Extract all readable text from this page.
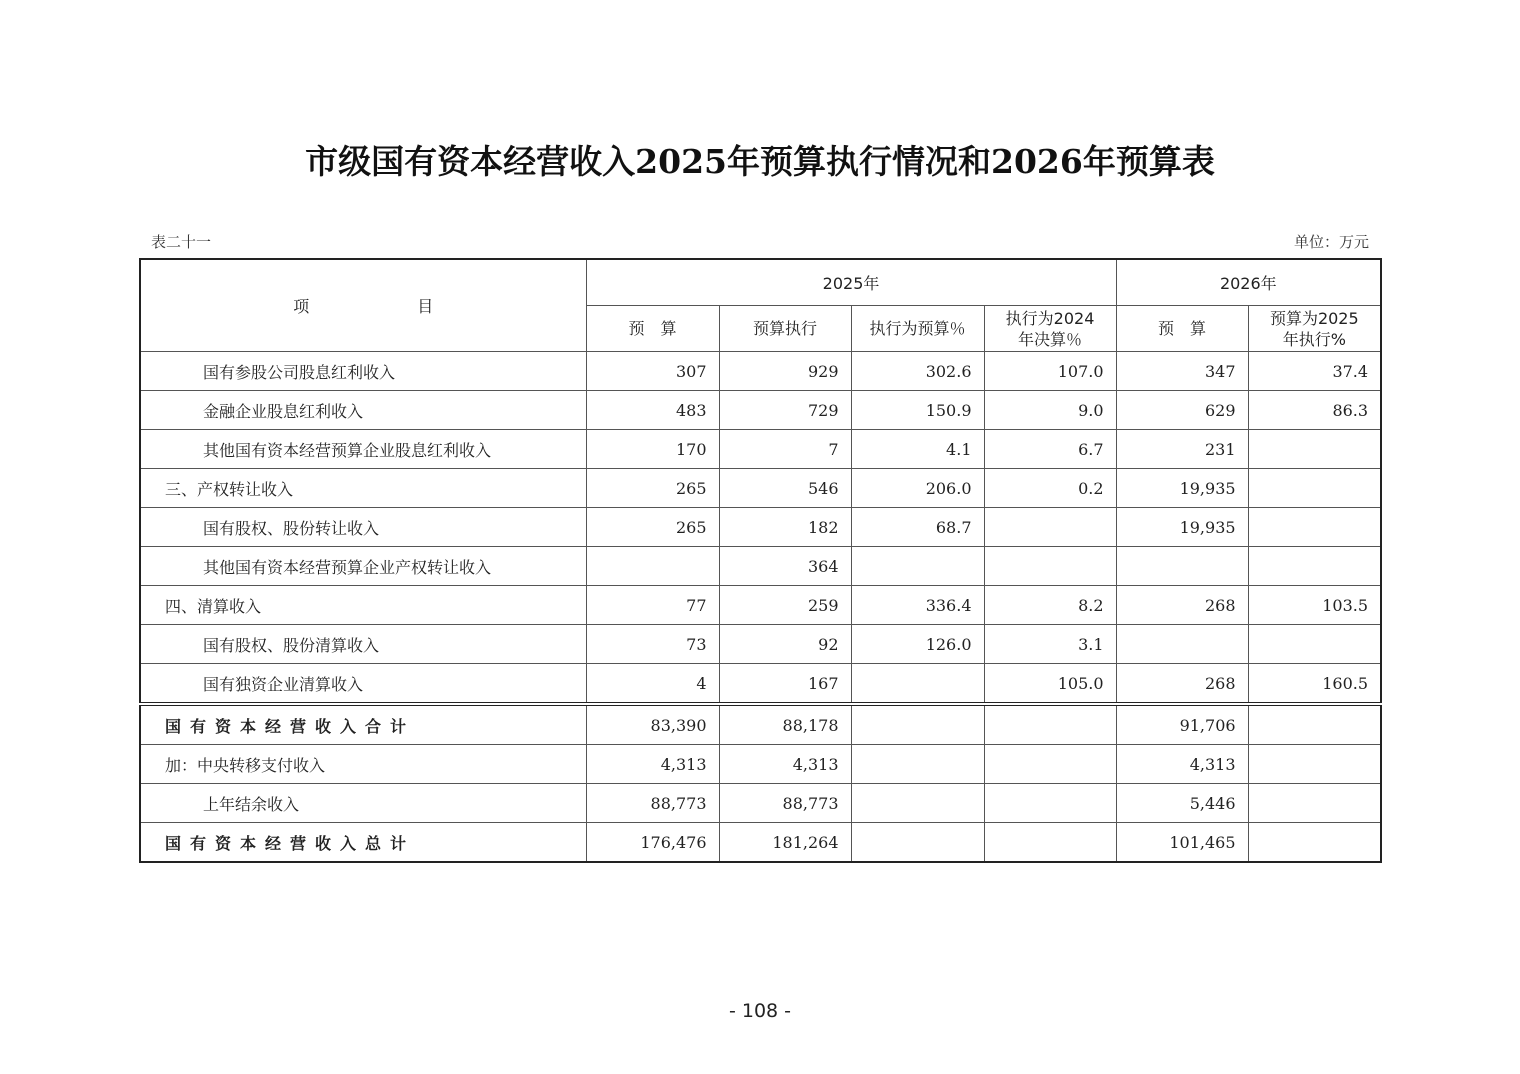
市级国有资本经营收入2025年预算执行情况和2026年预算表
表二十一	单位：万元
项 目	2025年				2026年	
	预　算	预算执行	执行为预算％	执行为2024
年决算％	预　算	预算为2025
年执行%
国有参股公司股息红利收入	307	929	302.6	107.0	347	37.4
金融企业股息红利收入	483	729	150.9	9.0	629	86.3
其他国有资本经营预算企业股息红利收入	170	7	4.1	6.7	231	
三、产权转让收入	265	546	206.0	0.2	19,935	
国有股权、股份转让收入	265	182	68.7		19,935	
其他国有资本经营预算企业产权转让收入		364				
四、清算收入	77	259	336.4	8.2	268	103.5
国有股权、股份清算收入	73	92	126.0	3.1		
国有独资企业清算收入	4	167		105.0	268	160.5
国有资本经营收入合计	83,390	88,178			91,706	
加：中央转移支付收入	4,313	4,313			4,313	
上年结余收入	88,773	88,773			5,446	
国有资本经营收入总计	176,476	181,264			101,465	
- 108 -
